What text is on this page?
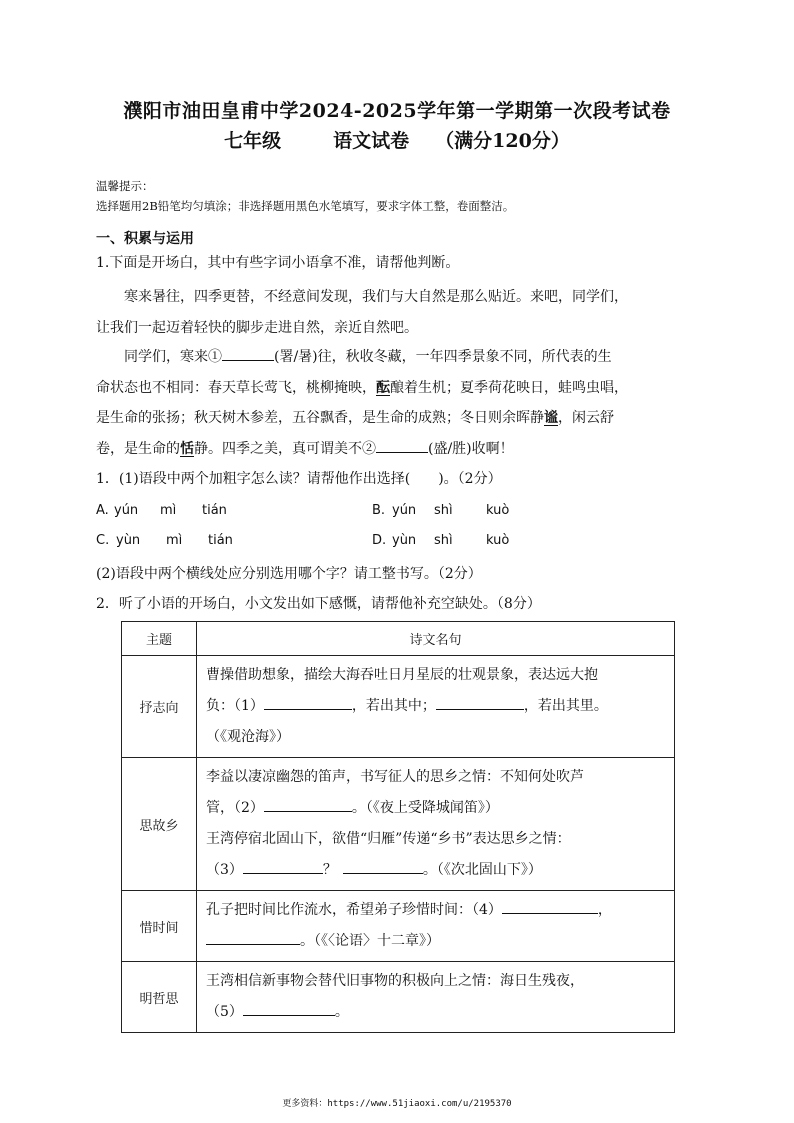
濮阳市油田皇甫中学2024-2025学年第一学期第一次段考试卷
七年级	语文试卷 （满分120分）
温馨提示：
选择题用2B铅笔均匀填涂；非选择题用黑色水笔填写，要求字体工整，卷面整洁。
一、积累与运用
1.下面是开场白，其中有些字词小语拿不准，请帮他判断。
寒来暑往，四季更替，不经意间发现，我们与大自然是那么贴近。来吧，同学们，
让我们一起迈着轻快的脚步走进自然，亲近自然吧。
同学们，寒来①	(署/暑)往，秋收冬藏，一年四季景象不同，所代表的生
命状态也不相同：春天草长莺飞，桃柳掩映，酝酿着生机；夏季荷花映日，蛙鸣虫唱，
是生命的张扬；秋天树木参差，五谷飘香，是生命的成熟；冬日则余晖静谧，闲云舒
卷，是生命的恬静。四季之美，真可谓美不②	(盛/胜)收啊！
1．(1)语段中两个加粗字怎么读？请帮他作出选择(　　)。（2分）
A. yún mì tián	B. yún shì	kuò
C. yùn mì tián	D. yùn shì	kuò
(2)语段中两个横线处应分别选用哪个字？请工整书写。（2分）
2．听了小语的开场白，小文发出如下感慨，请帮他补充空缺处。（8分）
主题	诗文名句
抒志向	曹操借助想象，描绘大海吞吐日月星辰的壮观景象，表达远大抱
负：（1） ，若出其中； ，若出其里。
（《观沧海》）

思故乡	李益以凄凉幽怨的笛声，书写征人的思乡之情：不知何处吹芦
管，（2） 。（《夜上受降城闻笛》）
王湾停宿北固山下，欲借“归雁”传递“乡书”表达思乡之情：
（3） ？ 。（《次北固山下》）

惜时间	孔子把时间比作流水，希望弟子珍惜时间：（4） ，
。（《〈论语〉十二章》）

明哲思	王湾相信新事物会替代旧事物的积极向上之情：海日生残夜，
（5） 。
更多资料：https://www.51jiaoxi.com/u/2195370
